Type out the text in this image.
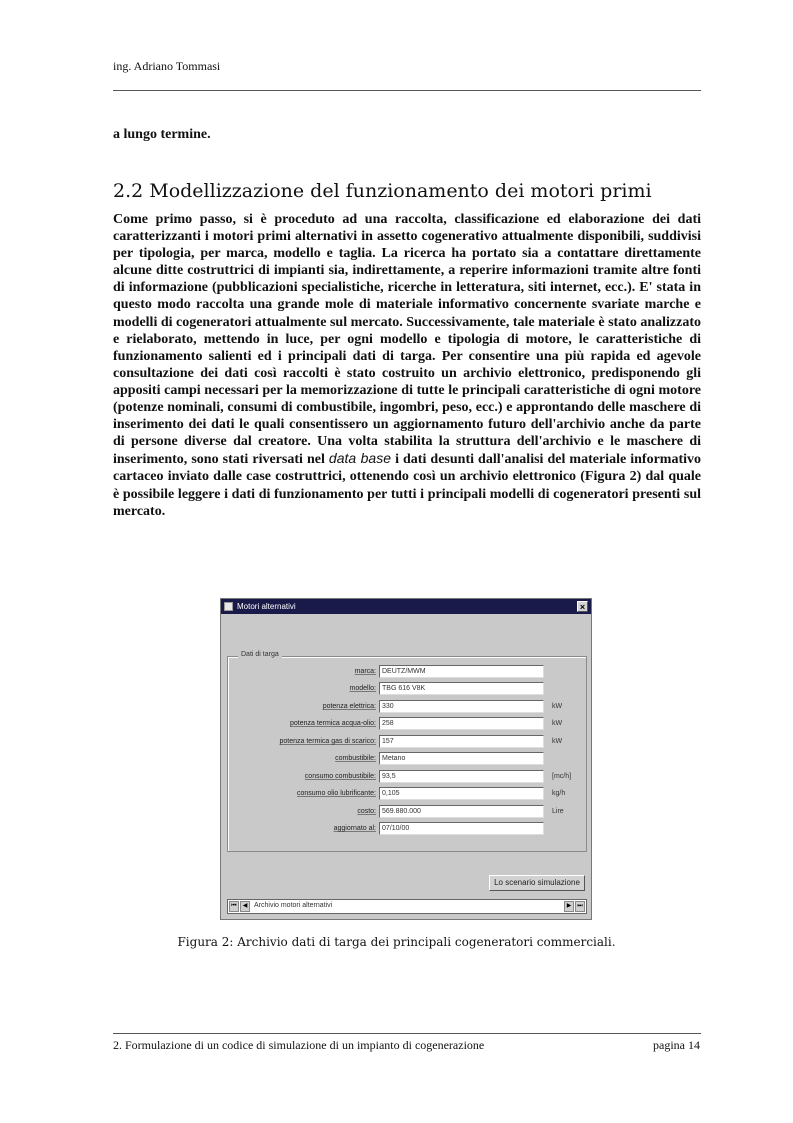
ing. Adriano Tommasi
a lungo termine.
2.2 Modellizzazione del funzionamento dei motori primi

Come primo passo, si è proceduto ad una raccolta, classificazione ed elaborazione dei dati caratterizzanti i motori primi alternativi in assetto cogenerativo attualmente disponibili, suddivisi per tipologia, per marca, modello e taglia. La ricerca ha portato sia a contattare direttamente alcune ditte costruttrici di impianti sia, indirettamente, a reperire informazioni tramite altre fonti di informazione (pubblicazioni specialistiche, ricerche in letteratura, siti internet, ecc.). E' stata in questo modo raccolta una grande mole di materiale informativo concernente svariate marche e modelli di cogeneratori attualmente sul mercato. Successivamente, tale materiale è stato analizzato e rielaborato, mettendo in luce, per ogni modello e tipologia di motore, le caratteristiche di funzionamento salienti ed i principali dati di targa. Per consentire una più rapida ed agevole consultazione dei dati così raccolti è stato costruito un archivio elettronico, predisponendo gli appositi campi necessari per la memorizzazione di tutte le principali caratteristiche di ogni motore (potenze nominali, consumi di combustibile, ingombri, peso, ecc.) e approntando delle maschere di inserimento dei dati le quali consentissero un aggiornamento futuro dell'archivio anche da parte di persone diverse dal creatore. Una volta stabilita la struttura dell'archivio e le maschere di inserimento, sono stati riversati nel data base i dati desunti dall'analisi del materiale informativo cartaceo inviato dalle case costruttrici, ottenendo così un archivio elettronico (Figura 2) dal quale è possibile leggere i dati di funzionamento per tutti i principali modelli di cogeneratori presenti sul mercato.

Motori alternativi	×
Dati di targa
marca: DEUTZ/MWM
modello: TBG 616 V8K
potenza elettrica: 330	kW
potenza termica acqua-olio: 258	kW
potenza termica gas di scarico: 157	kW
combustibile: Metano
consumo combustibile: 93,5	[mc/h]
consumo olio lubrificante: 0,105	kg/h
costo: 569.880.000	Lire
aggiornato al: 07/10/00
Lo scenario simulazione
⏮ ◀ Archivio motori alternativi	▶ ⏭
Figura 2: Archivio dati di targa dei principali cogeneratori commerciali.
2. Formulazione di un codice di simulazione di un impianto di cogenerazione	pagina 14
